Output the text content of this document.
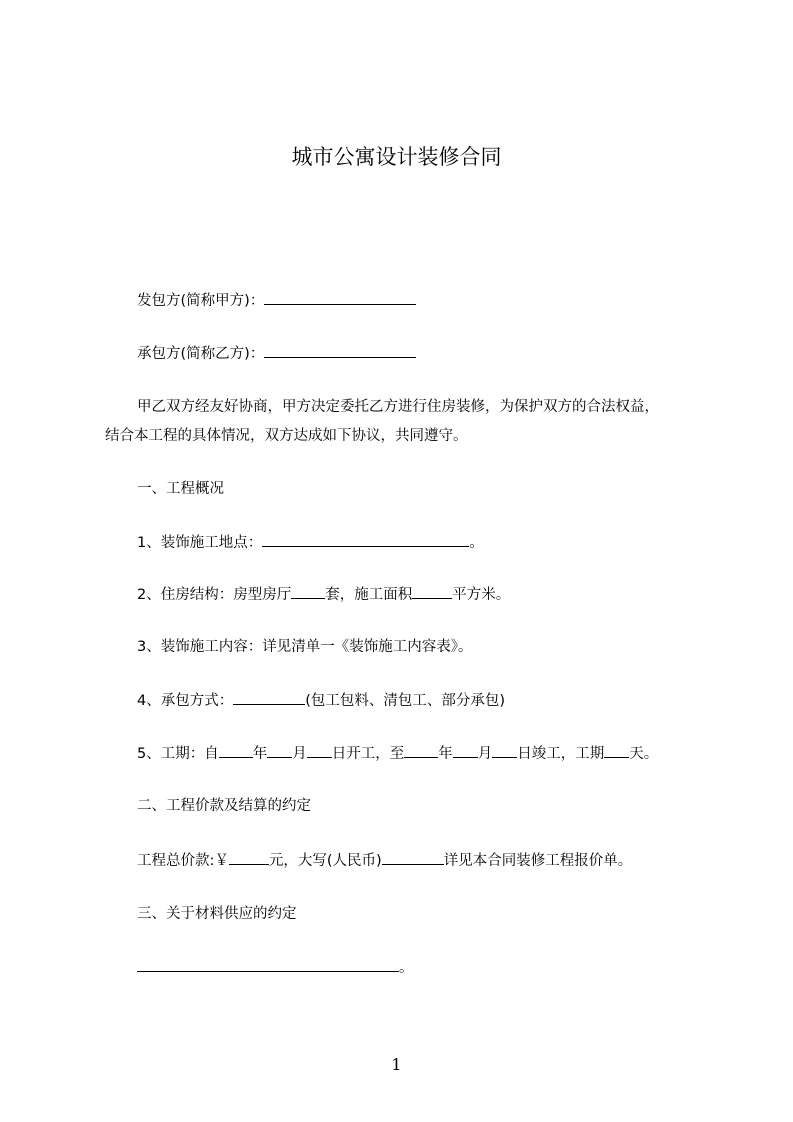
城市公寓设计装修合同
发包方(简称甲方)：
承包方(简称乙方)：
甲乙双方经友好协商，甲方决定委托乙方进行住房装修，为保护双方的合法权益，
结合本工程的具体情况，双方达成如下协议，共同遵守。
一、工程概况
1、装饰施工地点：	。
2、住房结构：房型房厅 套，施工面积	平方米。
3、装饰施工内容：详见清单一《装饰施工内容表》。
4、承包方式：	(包工包料、清包工、部分承包)
5、工期：自 年 月 日开工，至 年 月 日竣工，工期 天。
二、工程价款及结算的约定
工程总价款:￥	元，大写(人民币)	详见本合同装修工程报价单。
三、关于材料供应的约定
。
1
